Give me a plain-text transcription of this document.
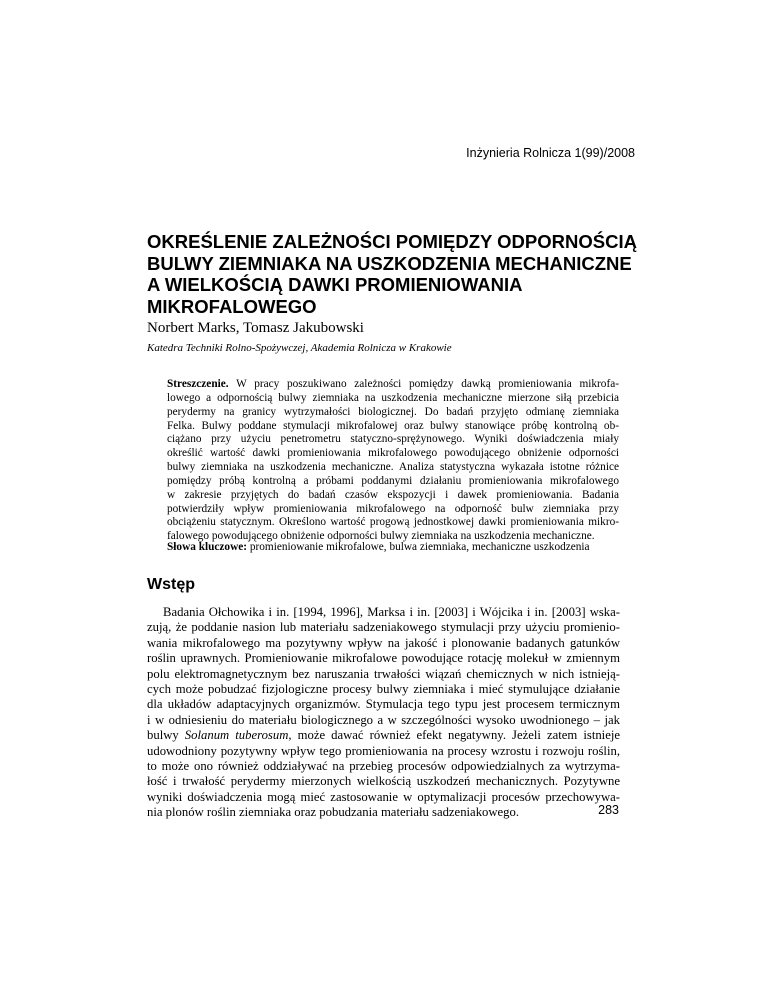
Inżynieria Rolnicza 1(99)/2008
OKREŚLENIE ZALEŻNOŚCI POMIĘDZY ODPORNOŚCIĄ
BULWY ZIEMNIAKA NA USZKODZENIA MECHANICZNE
A WIELKOŚCIĄ DAWKI PROMIENIOWANIA
MIKROFALOWEGO
Norbert Marks, Tomasz Jakubowski
Katedra Techniki Rolno-Spożywczej, Akademia Rolnicza w Krakowie
Streszczenie. W pracy poszukiwano zależności pomiędzy dawką promieniowania mikrofa-
lowego a odpornością bulwy ziemniaka na uszkodzenia mechaniczne mierzone siłą przebicia
perydermy na granicy wytrzymałości biologicznej. Do badań przyjęto odmianę ziemniaka
Felka. Bulwy poddane stymulacji mikrofalowej oraz bulwy stanowiące próbę kontrolną ob-
ciążano przy użyciu penetrometru statyczno-sprężynowego. Wyniki doświadczenia miały
określić wartość dawki promieniowania mikrofalowego powodującego obniżenie odporności
bulwy ziemniaka na uszkodzenia mechaniczne. Analiza statystyczna wykazała istotne różnice
pomiędzy próbą kontrolną a próbami poddanymi działaniu promieniowania mikrofalowego
w zakresie przyjętych do badań czasów ekspozycji i dawek promieniowania. Badania
potwierdziły wpływ promieniowania mikrofalowego na odporność bulw ziemniaka przy
obciążeniu statycznym. Określono wartość progową jednostkowej dawki promieniowania mikro-
falowego powodującego obniżenie odporności bulwy ziemniaka na uszkodzenia mechaniczne.
Słowa kluczowe: promieniowanie mikrofalowe, bulwa ziemniaka, mechaniczne uszkodzenia
Wstęp
Badania Ołchowika i in. [1994, 1996], Marksa i in. [2003] i Wójcika i in. [2003] wska-
zują, że poddanie nasion lub materiału sadzeniakowego stymulacji przy użyciu promienio-
wania mikrofalowego ma pozytywny wpływ na jakość i plonowanie badanych gatunków
roślin uprawnych. Promieniowanie mikrofalowe powodujące rotację molekuł w zmiennym
polu elektromagnetycznym bez naruszania trwałości wiązań chemicznych w nich istnieją-
cych może pobudzać fizjologiczne procesy bulwy ziemniaka i mieć stymulujące działanie
dla układów adaptacyjnych organizmów. Stymulacja tego typu jest procesem termicznym
i w odniesieniu do materiału biologicznego a w szczególności wysoko uwodnionego – jak
bulwy Solanum tuberosum, może dawać również efekt negatywny. Jeżeli zatem istnieje
udowodniony pozytywny wpływ tego promieniowania na procesy wzrostu i rozwoju roślin,
to może ono również oddziaływać na przebieg procesów odpowiedzialnych za wytrzyma-
łość i trwałość perydermy mierzonych wielkością uszkodzeń mechanicznych. Pozytywne
wyniki doświadczenia mogą mieć zastosowanie w optymalizacji procesów przechowywa-
nia plonów roślin ziemniaka oraz pobudzania materiału sadzeniakowego.	283
